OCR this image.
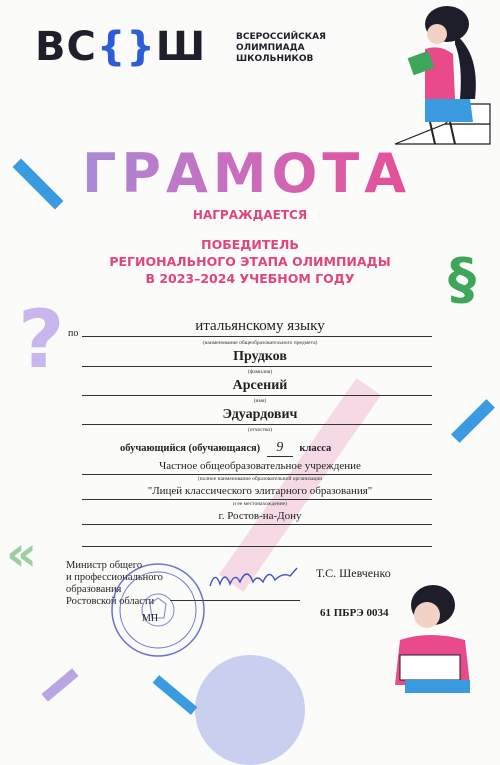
?
§
«
ВС{}Ш	ВСЕРОССИЙСКАЯ
ОЛИМПИАДА
ШКОЛЬНИКОВ
ГРАМОТА
НАГРАЖДАЕТСЯ
ПОБЕДИТЕЛЬ
РЕГИОНАЛЬНОГО ЭТАПА ОЛИМПИАДЫ
В 2023–2024 УЧЕБНОМ ГОДУ
по	итальянскому языку
(наименование общеобразовательного предмета)
Прудков
(фамилия)
Арсений
(имя)
Эдуардович
(отчество)
обучающийся (обучающаяся) 9 класса
Частное общеобразовательное учреждение
(полное наименование образовательной организации
"Лицей классического элитарного образования"
и ее местонахождение)
г. Ростов-на-Дону
Министр общего
и профессионального
образования
Ростовской области
МП
Т.С. Шевченко
61 ПБРЭ 0034
